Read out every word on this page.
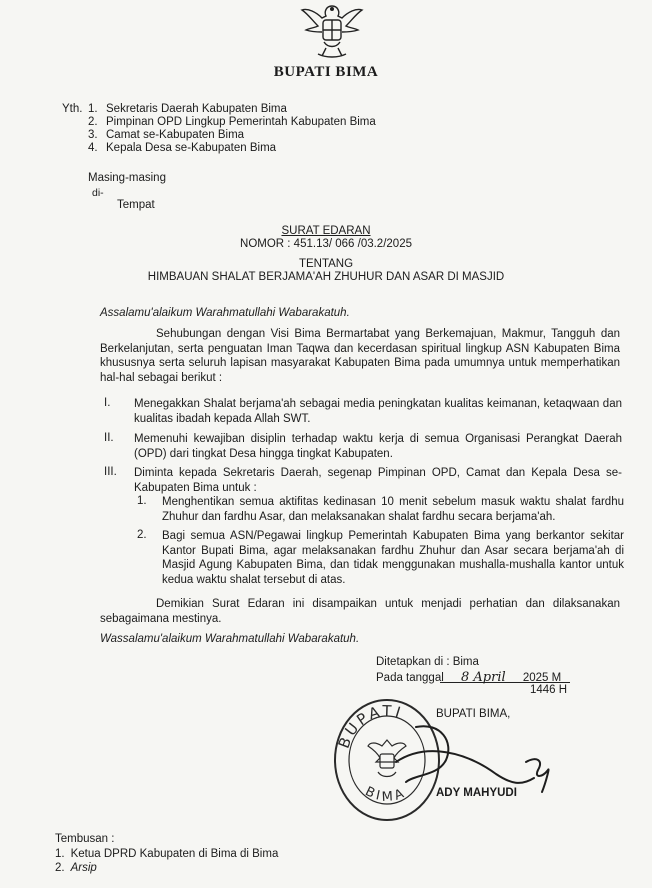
BUPATI BIMA
Yth. 1. Sekretaris Daerah Kabupaten Bima
2. Pimpinan OPD Lingkup Pemerintah Kabupaten Bima
3. Camat se-Kabupaten Bima
4. Kepala Desa se-Kabupaten Bima
Masing-masing
di-
Tempat
SURAT EDARAN
NOMOR : 451.13/ 066 /03.2/2025
TENTANG
HIMBAUAN SHALAT BERJAMA'AH ZHUHUR DAN ASAR DI MASJID
Assalamu'alaikum Warahmatullahi Wabarakatuh.
Sehubungan dengan Visi Bima Bermartabat yang Berkemajuan, Makmur, Tangguh dan Berkelanjutan, serta penguatan Iman Taqwa dan kecerdasan spiritual lingkup ASN Kabupaten Bima khususnya serta seluruh lapisan masyarakat Kabupaten Bima pada umumnya untuk memperhatikan hal-hal sebagai berikut :
I.	Menegakkan Shalat berjama'ah sebagai media peningkatan kualitas keimanan, ketaqwaan dan kualitas ibadah kepada Allah SWT.
II.	Memenuhi kewajiban disiplin terhadap waktu kerja di semua Organisasi Perangkat Daerah (OPD) dari tingkat Desa hingga tingkat Kabupaten.
III.	Diminta kepada Sekretaris Daerah, segenap Pimpinan OPD, Camat dan Kepala Desa se-Kabupaten Bima untuk :
1.	Menghentikan semua aktifitas kedinasan 10 menit sebelum masuk waktu shalat fardhu Zhuhur dan fardhu Asar, dan melaksanakan shalat fardhu secara berjama'ah.
2.	Bagi semua ASN/Pegawai lingkup Pemerintah Kabupaten Bima yang berkantor sekitar Kantor Bupati Bima, agar melaksanakan fardhu Zhuhur dan Asar secara berjama'ah di Masjid Agung Kabupaten Bima, dan tidak menggunakan mushalla-mushalla kantor untuk kedua waktu shalat tersebut di atas.
Demikian Surat Edaran ini disampaikan untuk menjadi perhatian dan dilaksanakan sebagaimana mestinya.
Wassalamu'alaikum Warahmatullahi Wabarakatuh.
Ditetapkan di : Bima
Pada tanggal 8 April 2025 M
1446 H
BUPATI BIMA,
BUPATI
BIMA ADY MAHYUDI
Tembusan :
1. Ketua DPRD Kabupaten di Bima di Bima
2. Arsip
